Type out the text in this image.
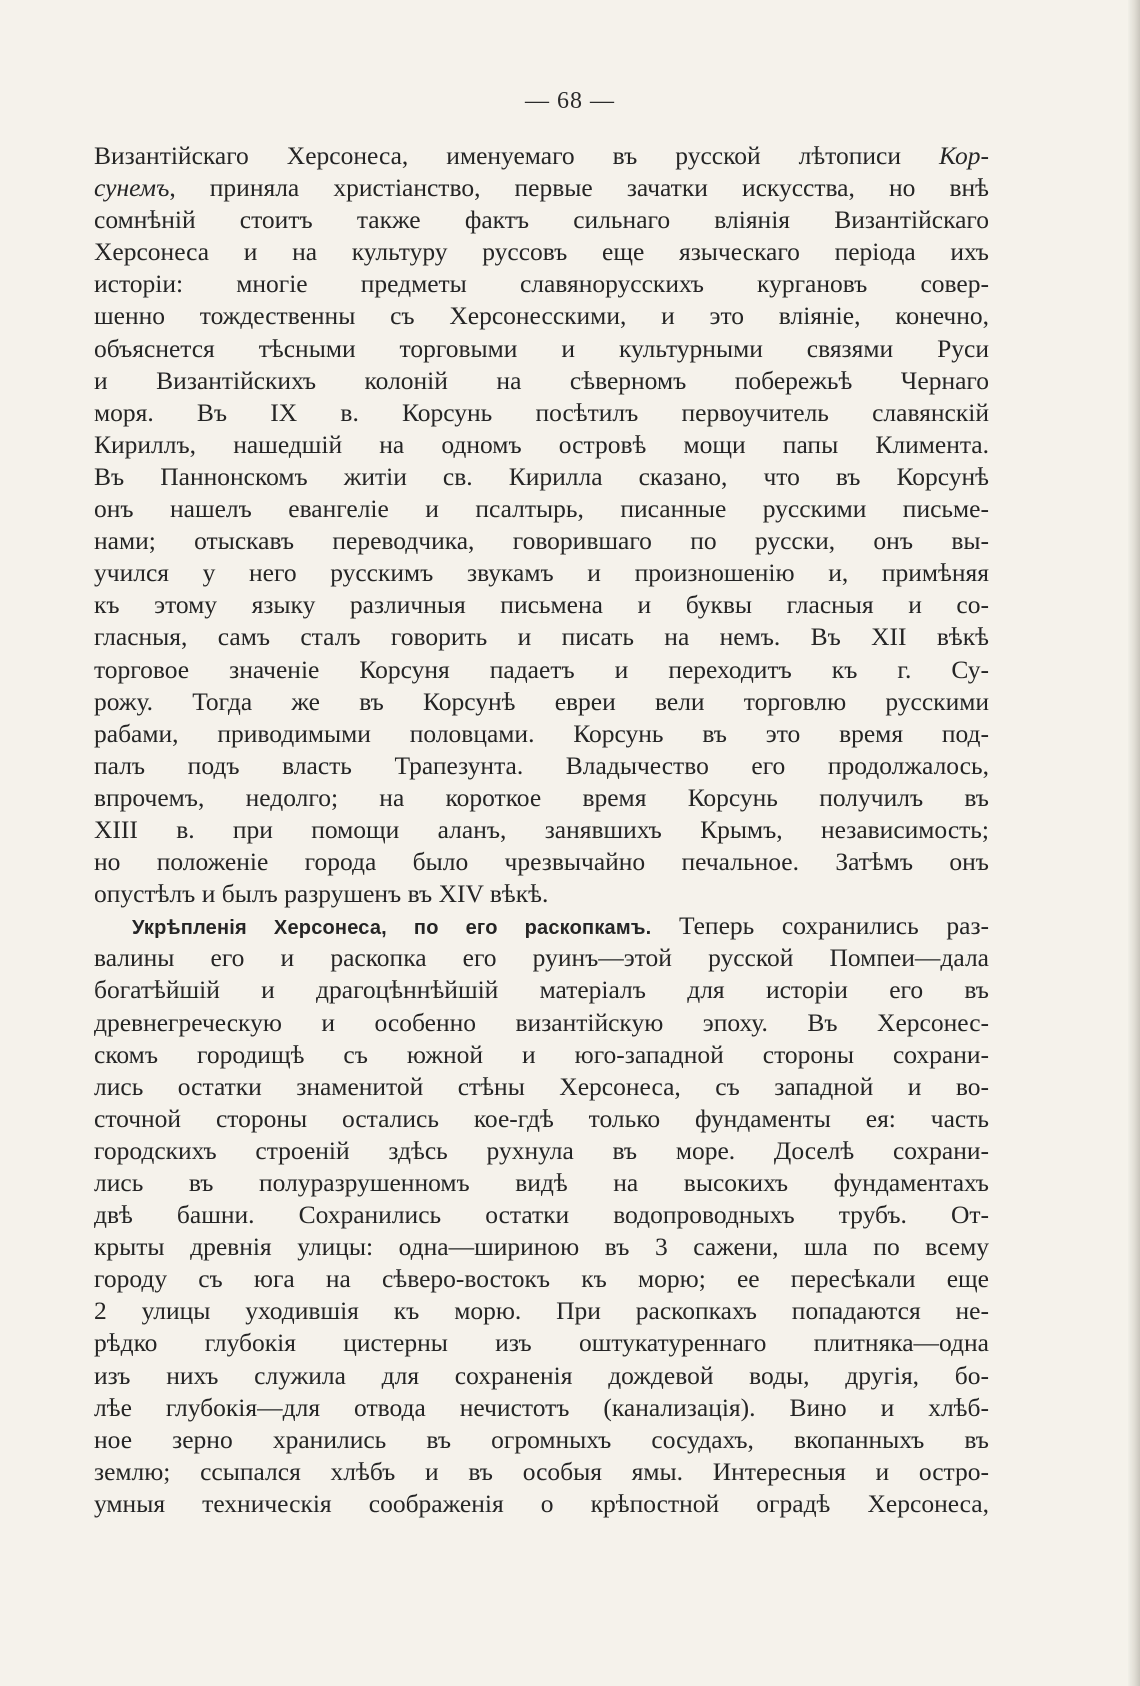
— 68 —
Византійскаго Херсонеса, именуемаго въ русской лѣтописи Кор-
сунемъ, приняла христіанство, первые зачатки искусства, но внѣ
сомнѣній стоитъ также фактъ сильнаго вліянія Византійскаго
Херсонеса и на культуру руссовъ еще языческаго періода ихъ
исторіи: многіе предметы славянорусскихъ кургановъ совер-
шенно тождественны съ Херсонесскими, и это вліяніе, конечно,
объяснется тѣсными торговыми и культурными связями Руси
и Византійскихъ колоній на сѣверномъ побережьѣ Чернаго
моря. Въ IX в. Корсунь посѣтилъ первоучитель славянскій
Кириллъ, нашедшій на одномъ островѣ мощи папы Климента.
Въ Паннонскомъ житіи св. Кирилла сказано, что въ Корсунѣ
онъ нашелъ евангеліе и псалтырь, писанные русскими письме-
нами; отыскавъ переводчика, говорившаго по русски, онъ вы-
учился у него русскимъ звукамъ и произношенію и, примѣняя
къ этому языку различныя письмена и буквы гласныя и со-
гласныя, самъ сталъ говорить и писать на немъ. Въ XII вѣкѣ
торговое значеніе Корсуня падаетъ и переходитъ къ г. Су-
рожу. Тогда же въ Корсунѣ евреи вели торговлю русскими
рабами, приводимыми половцами. Корсунь въ это время под-
палъ подъ власть Трапезунта. Владычество его продолжалось,
впрочемъ, недолго; на короткое время Корсунь получилъ въ
XIII в. при помощи аланъ, занявшихъ Крымъ, независимость;
но положеніе города было чрезвычайно печальное. Затѣмъ онъ
опустѣлъ и былъ разрушенъ въ XIV вѣкѣ.
Укрѣпленія Херсонеса, по его раскопкамъ. Теперь сохранились раз-
валины его и раскопка его руинъ—этой русской Помпеи—дала
богатѣйшій и драгоцѣннѣйшій матеріалъ для исторіи его въ
древнегреческую и особенно византійскую эпоху. Въ Херсонес-
скомъ городищѣ съ южной и юго-западной стороны сохрани-
лись остатки знаменитой стѣны Херсонеса, съ западной и во-
сточной стороны остались кое-гдѣ только фундаменты ея: часть
городскихъ строеній здѣсь рухнула въ море. Доселѣ сохрани-
лись въ полуразрушенномъ видѣ на высокихъ фундаментахъ
двѣ башни. Сохранились остатки водопроводныхъ трубъ. От-
крыты древнія улицы: одна—шириною въ 3 сажени, шла по всему
городу съ юга на сѣверо-востокъ къ морю; ее пересѣкали еще
2 улицы уходившія къ морю. При раскопкахъ попадаются не-
рѣдко глубокія цистерны изъ оштукатуреннаго плитняка—одна
изъ нихъ служила для сохраненія дождевой воды, другія, бо-
лѣе глубокія—для отвода нечистотъ (канализація). Вино и хлѣб-
ное зерно хранились въ огромныхъ сосудахъ, вкопанныхъ въ
землю; ссыпался хлѣбъ и въ особыя ямы. Интересныя и остро-
умныя техническія соображенія о крѣпостной оградѣ Херсонеса,
